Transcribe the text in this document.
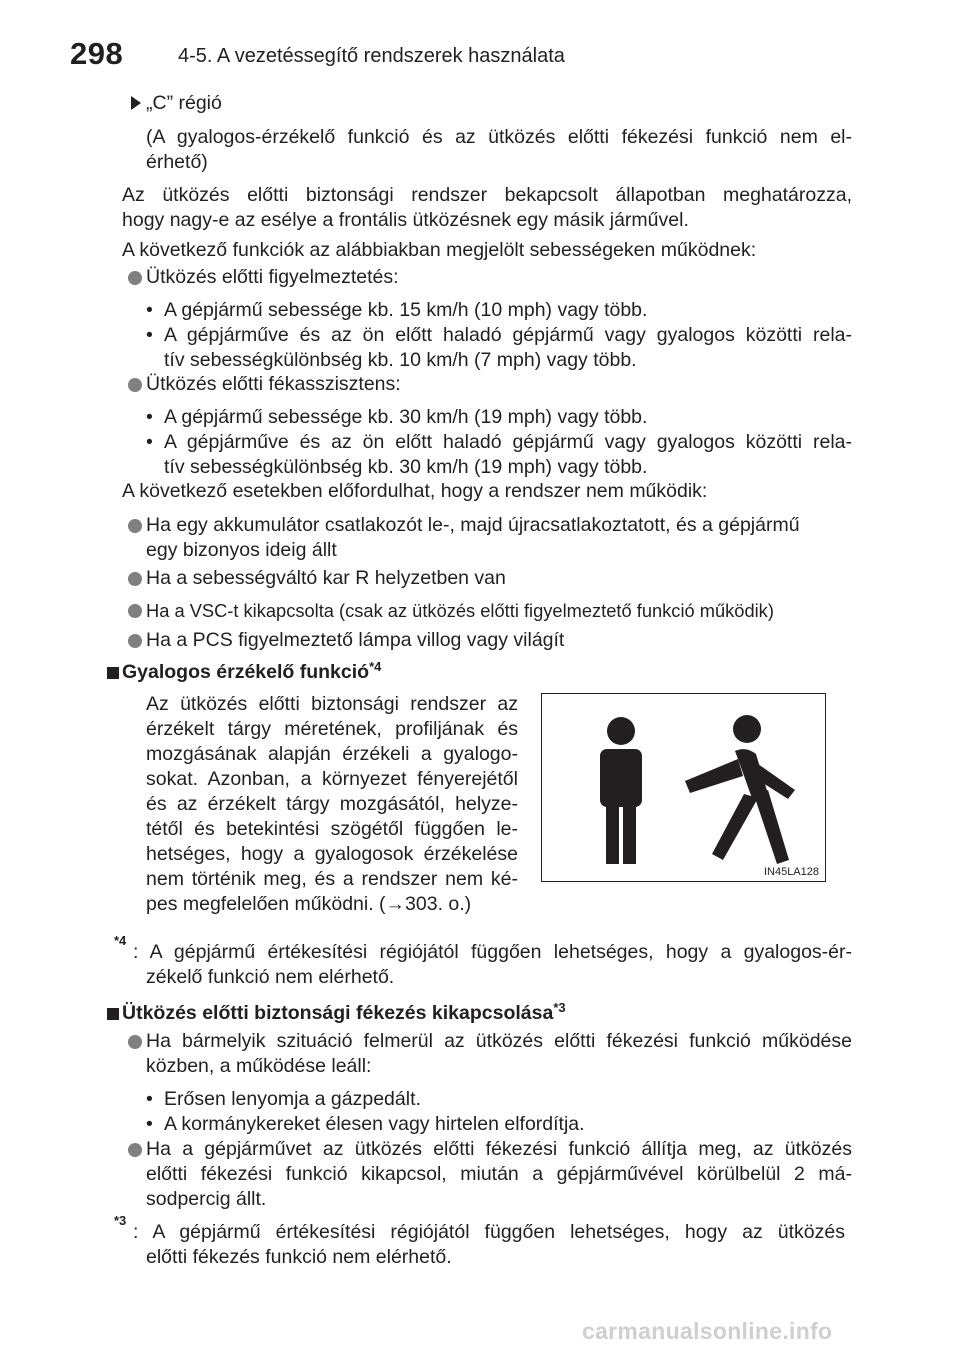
298	4-5. A vezetéssegítő rendszerek használata
„C” régió
(A gyalogos-érzékelő funkció és az ütközés előtti fékezési funkció nem el-
érhető)
Az ütközés előtti biztonsági rendszer bekapcsolt állapotban meghatározza,
hogy nagy-e az esélye a frontális ütközésnek egy másik járművel.
A következő funkciók az alábbiakban megjelölt sebességeken működnek:
Ütközés előtti figyelmeztetés:
• A gépjármű sebessége kb. 15 km/h (10 mph) vagy több.
• A gépjárműve és az ön előtt haladó gépjármű vagy gyalogos közötti rela-
tív sebességkülönbség kb. 10 km/h (7 mph) vagy több.
Ütközés előtti fékasszisztens:
• A gépjármű sebessége kb. 30 km/h (19 mph) vagy több.
• A gépjárműve és az ön előtt haladó gépjármű vagy gyalogos közötti rela-
tív sebességkülönbség kb. 30 km/h (19 mph) vagy több.
A következő esetekben előfordulhat, hogy a rendszer nem működik:
Ha egy akkumulátor csatlakozót le-, majd újracsatlakoztatott, és a gépjármű
egy bizonyos ideig állt
Ha a sebességváltó kar R helyzetben van
Ha a VSC-t kikapcsolta (csak az ütközés előtti figyelmeztető funkció működik)
Ha a PCS figyelmeztető lámpa villog vagy világít
Gyalogos érzékelő funkció$^{*4}$
Az ütközés előtti biztonsági rendszer az
érzékelt tárgy méretének, profiljának és
mozgásának alapján érzékeli a gyalogo-
sokat. Azonban, a környezet fényerejétől
és az érzékelt tárgy mozgásától, helyze-
tétől és betekintési szögétől függően le-
hetséges, hogy a gyalogosok érzékelése
nem történik meg, és a rendszer nem ké-
pes megfelelően működni. (→303. o.)
IN45LA128
$^{*4}$
: A gépjármű értékesítési régiójától függően lehetséges, hogy a gyalogos-ér-
zékelő funkció nem elérhető.
Ütközés előtti biztonsági fékezés kikapcsolása$^{*3}$
Ha bármelyik szituáció felmerül az ütközés előtti fékezési funkció működése
közben, a működése leáll:
• Erősen lenyomja a gázpedált.
• A kormánykereket élesen vagy hirtelen elfordítja.
Ha a gépjárművet az ütközés előtti fékezési funkció állítja meg, az ütközés
előtti fékezési funkció kikapcsol, miután a gépjárművével körülbelül 2 má-
sodpercig állt.
$^{*3}$
: A gépjármű értékesítési régiójától függően lehetséges, hogy az ütközés
előtti fékezés funkció nem elérhető.
carmanualsonline.info
